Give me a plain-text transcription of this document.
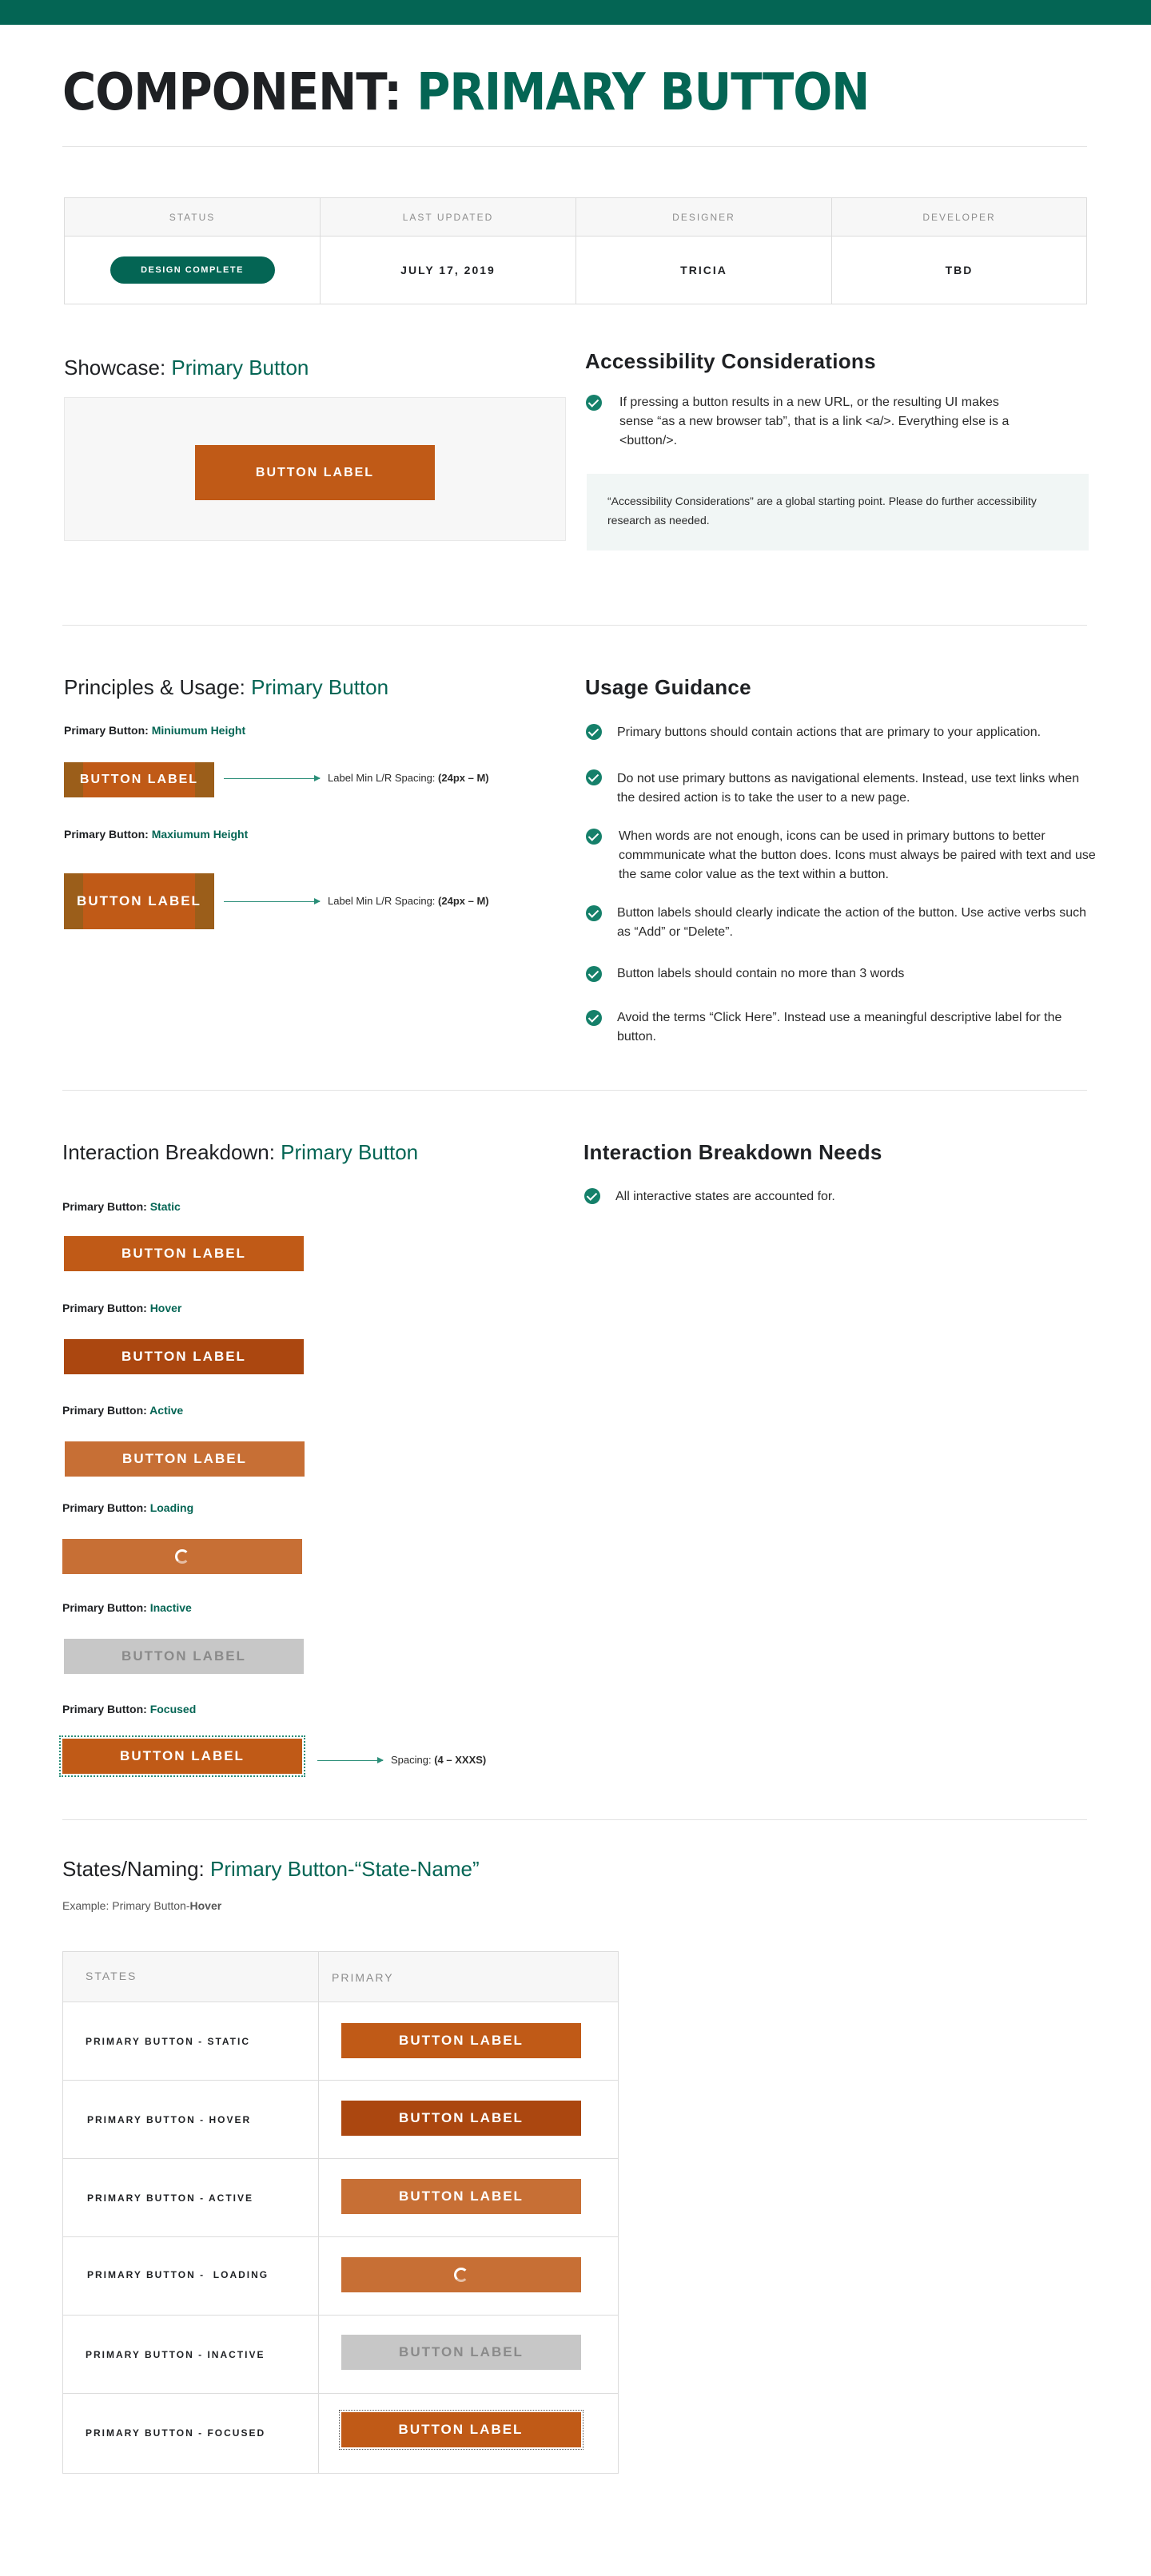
COMPONENT: PRIMARY BUTTON
STATUS	LAST UPDATED	DESIGNER	DEVELOPER
DESIGN COMPLETE	JULY 17, 2019	TRICIA	TBD
Showcase: Primary Button
BUTTON LABEL
Accessibility Considerations
If pressing a button results in a new URL, or the resulting UI makes sense “as a new browser tab”, that is a link <a/>. Everything else is a <button/>.
“Accessibility Considerations” are a global starting point. Please do further accessibility research as needed.
Principles & Usage: Primary Button
Primary Button: Miniumum Height
BUTTON LABEL	Label Min L/R Spacing: (24px – M)
Primary Button: Maxiumum Height
BUTTON LABEL	Label Min L/R Spacing: (24px – M)
Usage Guidance
Primary buttons should contain actions that are primary to your application.
Do not use primary buttons as navigational elements. Instead, use text links when the desired action is to take the user to a new page.
When words are not enough, icons can be used in primary buttons to better commmunicate what the button does. Icons must always be paired with text and use the same color value as the text within a button.
Button labels should clearly indicate the action of the button. Use active verbs such as “Add” or “Delete”.
Button labels should contain no more than 3 words
Avoid the terms “Click Here”. Instead use a meaningful descriptive label for the button.
Interaction Breakdown: Primary Button
Primary Button: Static
BUTTON LABEL
Primary Button: Hover
BUTTON LABEL
Primary Button: Active
BUTTON LABEL
Primary Button: Loading
Primary Button: Inactive
BUTTON LABEL
Primary Button: Focused
BUTTON LABEL	Spacing: (4 – XXXS)
Interaction Breakdown Needs
All interactive states are accounted for.
States/Naming: Primary Button-“State-Name”
Example: Primary Button-Hover
STATES	PRIMARY
PRIMARY BUTTON - STATIC	BUTTON LABEL
PRIMARY BUTTON - HOVER	BUTTON LABEL
PRIMARY BUTTON - ACTIVE	BUTTON LABEL
PRIMARY BUTTON -  LOADING
PRIMARY BUTTON - INACTIVE	BUTTON LABEL
PRIMARY BUTTON - FOCUSED	BUTTON LABEL
